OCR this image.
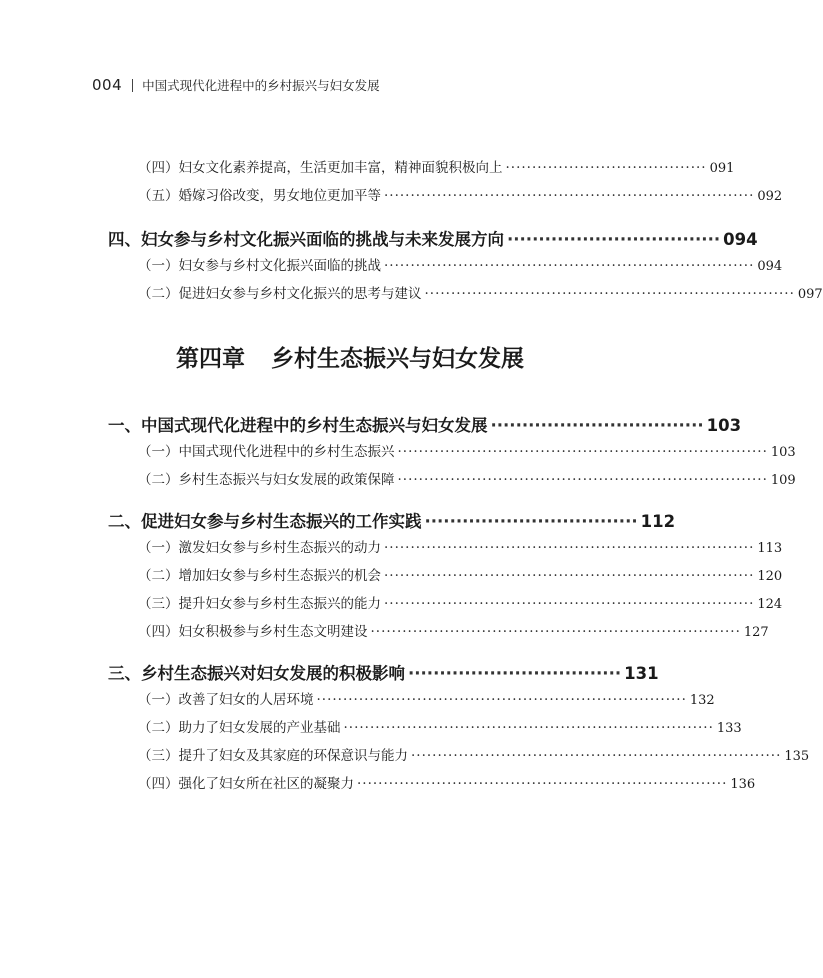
004 中国式现代化进程中的乡村振兴与妇女发展
（四）妇女文化素养提高，生活更加丰富，精神面貌积极向上 ······································ 091
（五）婚嫁习俗改变，男女地位更加平等 ······································································ 092
四、妇女参与乡村文化振兴面临的挑战与未来发展方向 ·································· 094
（一）妇女参与乡村文化振兴面临的挑战 ······································································ 094
（二）促进妇女参与乡村文化振兴的思考与建议 ······································································ 097
第四章 乡村生态振兴与妇女发展
一、中国式现代化进程中的乡村生态振兴与妇女发展 ·································· 103
（一）中国式现代化进程中的乡村生态振兴 ······································································ 103
（二）乡村生态振兴与妇女发展的政策保障 ······································································ 109
二、促进妇女参与乡村生态振兴的工作实践 ·································· 112
（一）激发妇女参与乡村生态振兴的动力 ······································································ 113
（二）增加妇女参与乡村生态振兴的机会 ······································································ 120
（三）提升妇女参与乡村生态振兴的能力 ······································································ 124
（四）妇女积极参与乡村生态文明建设 ······································································ 127
三、乡村生态振兴对妇女发展的积极影响 ·································· 131
（一）改善了妇女的人居环境 ······································································ 132
（二）助力了妇女发展的产业基础 ······································································ 133
（三）提升了妇女及其家庭的环保意识与能力 ······································································ 135
（四）强化了妇女所在社区的凝聚力 ······································································ 136
